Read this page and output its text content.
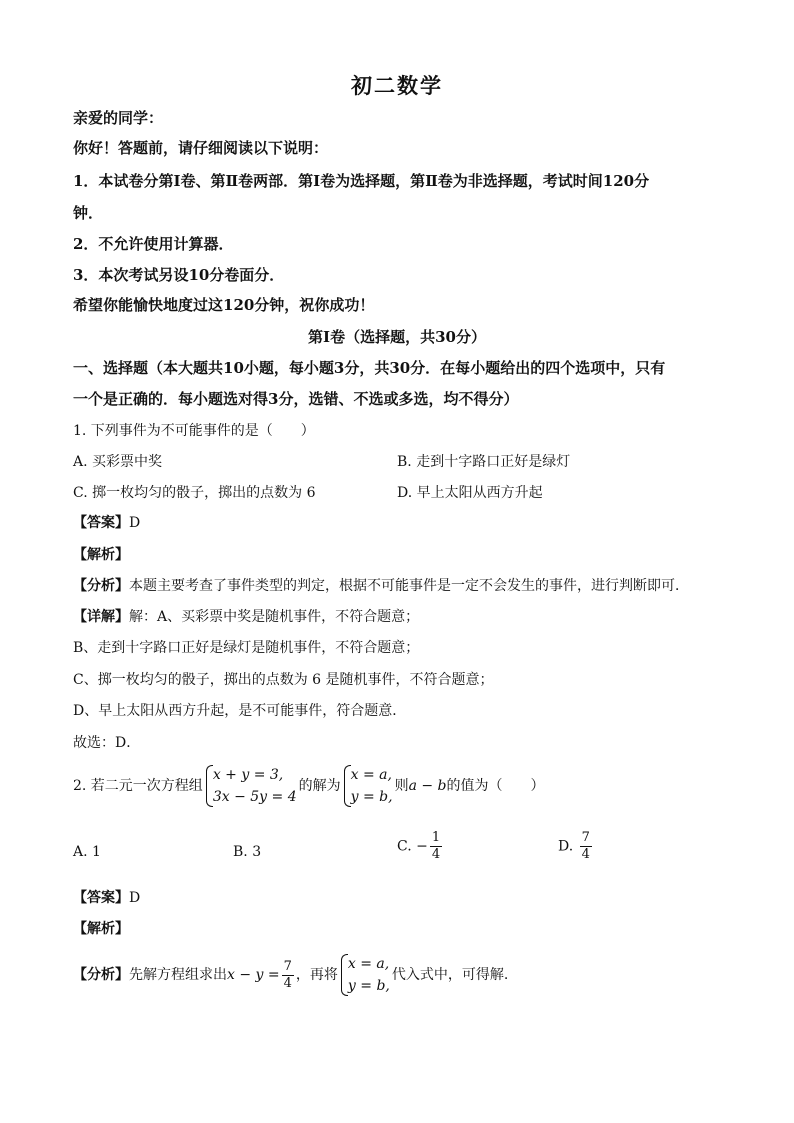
初二数学
亲爱的同学：
你好！答题前，请仔细阅读以下说明：
1．本试卷分第Ⅰ卷、第Ⅱ卷两部．第Ⅰ卷为选择题，第Ⅱ卷为非选择题，考试时间120分
钟．
2．不允许使用计算器．
3．本次考试另设10分卷面分．
希望你能愉快地度过这120分钟，祝你成功！
第Ⅰ卷（选择题，共30分）
一、选择题（本大题共10小题，每小题3分，共30分．在每小题给出的四个选项中，只有
一个是正确的．每小题选对得3分，选错、不选或多选，均不得分）
1. 下列事件为不可能事件的是（　　）
A. 买彩票中奖	B. 走到十字路口正好是绿灯
C. 掷一枚均匀的骰子，掷出的点数为 6	D. 早上太阳从西方升起
【答案】D
【解析】
【分析】本题主要考查了事件类型的判定，根据不可能事件是一定不会发生的事件，进行判断即可．
【详解】解：A、买彩票中奖是随机事件，不符合题意；
B、走到十字路口正好是绿灯是随机事件，不符合题意；
C、掷一枚均匀的骰子，掷出的点数为 6 是随机事件，不符合题意；
D、早上太阳从西方升起，是不可能事件，符合题意．
故选：D．
2. 若二元一次方程组
x + y = 3,
3x − 5y = 4
的解为
x = a,
y = b,
则a − b的值为（　　）
A. 1	B. 3	C. − $\frac{1}{4}$	D. $\frac{7}{4}$
【答案】D
【解析】
【分析】先解方程组求出$x - y = \frac{7}{4}$ ，再将
x = a,
y = b,
代入式中，可得解.
